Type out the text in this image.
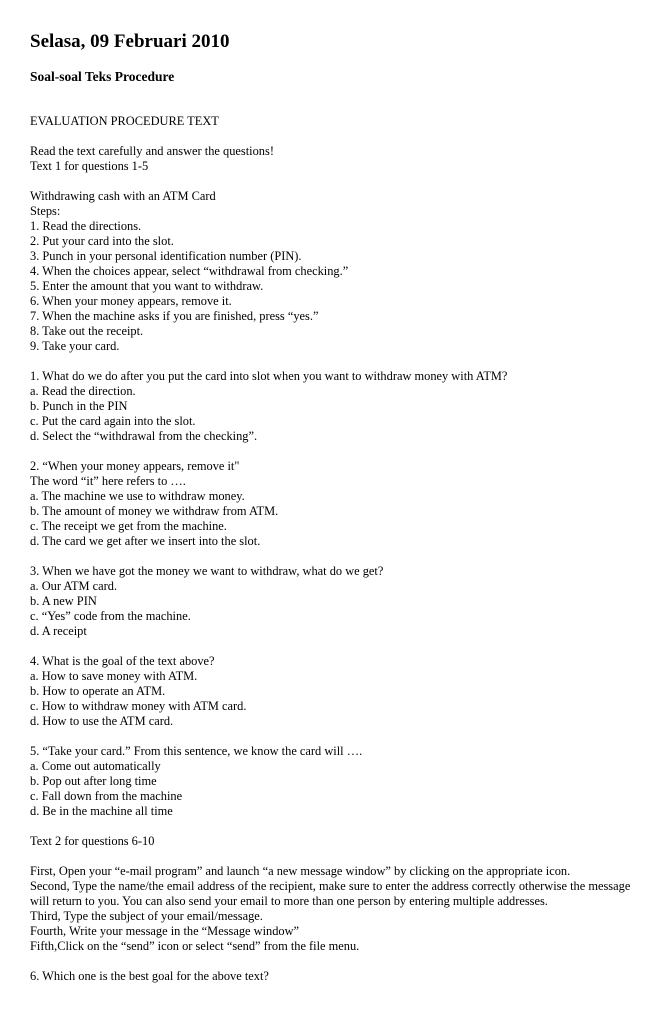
Selasa, 09 Februari 2010
Soal-soal Teks Procedure
EVALUATION PROCEDURE TEXT
Read the text carefully and answer the questions!
Text 1 for questions 1-5
Withdrawing cash with an ATM Card
Steps:
1. Read the directions.
2. Put your card into the slot.
3. Punch in your personal identification number (PIN).
4. When the choices appear, select “withdrawal from checking.”
5. Enter the amount that you want to withdraw.
6. When your money appears, remove it.
7. When the machine asks if you are finished, press “yes.”
8. Take out the receipt.
9. Take your card.
1. What do we do after you put the card into slot when you want to withdraw money with ATM?
a. Read the direction.
b. Punch in the PIN
c. Put the card again into the slot.
d. Select the “withdrawal from the checking”.
2. “When your money appears, remove it"
The word “it” here refers to ….
a. The machine we use to withdraw money.
b. The amount of money we withdraw from ATM.
c. The receipt we get from the machine.
d. The card we get after we insert into the slot.
3. When we have got the money we want to withdraw, what do we get?
a. Our ATM card.
b. A new PIN
c. “Yes” code from the machine.
d. A receipt
4. What is the goal of the text above?
a. How to save money with ATM.
b. How to operate an ATM.
c. How to withdraw money with ATM card.
d. How to use the ATM card.
5. “Take your card.” From this sentence, we know the card will ….
a. Come out automatically
b. Pop out after long time
c. Fall down from the machine
d. Be in the machine all time
Text 2 for questions 6-10
First, Open your “e-mail program” and launch “a new message window” by clicking on the appropriate icon.
Second, Type the name/the email address of the recipient, make sure to enter the address correctly otherwise the message will return to you. You can also send your email to more than one person by entering multiple addresses.
Third, Type the subject of your email/message.
Fourth, Write your message in the “Message window”
Fifth,Click on the “send” icon or select “send” from the file menu.
6. Which one is the best goal for the above text?
